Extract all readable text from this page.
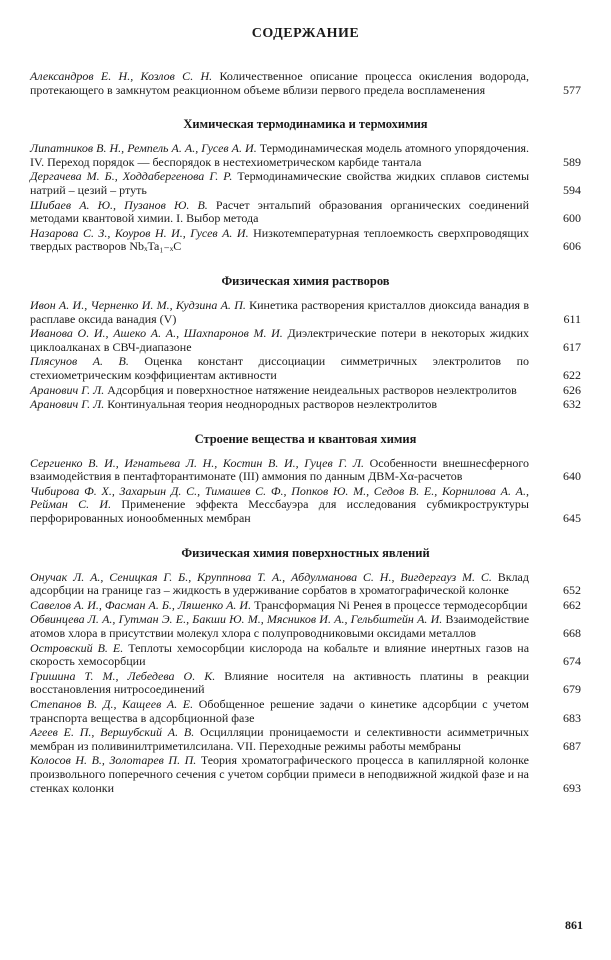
СОДЕРЖАНИЕ
Александров Е. Н., Козлов С. Н. Количественное описание процесса окисления водорода, протекающего в замкнутом реакционном объеме вблизи первого предела воспламенения	577
Химическая термодинамика и термохимия
Липатников В. Н., Ремпель А. А., Гусев А. И. Термодинамическая модель атомного упорядочения. IV. Переход порядок — беспорядок в нестехиометрическом карбиде тантала	589
Дергачева М. Б., Ходдабергенова Г. Р. Термодинамические свойства жидких сплавов системы натрий – цезий – ртуть	594
Шибаев А. Ю., Пузанов Ю. В. Расчет энтальпий образования органических соединений методами квантовой химии. I. Выбор метода	600
Назарова С. З., Коуров Н. И., Гусев А. И. Низкотемпературная теплоемкость сверхпроводящих твердых растворов NbₓTa₁₋ₓC	606
Физическая химия растворов
Ивон А. И., Черненко И. М., Кудзина А. П. Кинетика растворения кристаллов диоксида ванадия в расплаве оксида ванадия (V)	611
Иванова О. И., Ашеко А. А., Шахпаронов М. И. Диэлектрические потери в некоторых жидких циклоалканах в СВЧ-диапазоне	617
Плясунов А. В. Оценка констант диссоциации симметричных электролитов по стехиометрическим коэффициентам активности	622
Аранович Г. Л. Адсорбция и поверхностное натяжение неидеальных растворов неэлектролитов	626
Аранович Г. Л. Континуальная теория неоднородных растворов неэлектролитов	632
Строение вещества и квантовая химия
Сергиенко В. И., Игнатьева Л. Н., Костин В. И., Гуцев Г. Л. Особенности внешнесферного взаимодействия в пентафторантимонате (III) аммония по данным ДВМ-Xα-расчетов	640
Чибирова Ф. Х., Захарьин Д. С., Тимашев С. Ф., Попков Ю. М., Седов В. Е., Корнилова А. А., Рейман С. И. Применение эффекта Мессбауэра для исследования субмикроструктуры перфорированных ионообменных мембран	645
Физическая химия поверхностных явлений
Онучак Л. А., Сеницкая Г. Б., Круппнова Т. А., Абдулманова С. Н., Вигдергауз М. С. Вклад адсорбции на границе газ – жидкость в удерживание сорбатов в хроматографической колонке	652
Савелов А. И., Фасман А. Б., Ляшенко А. И. Трансформация Ni Ренея в процессе термодесорбции	662
Обвинцева Л. А., Гутман Э. Е., Бакши Ю. М., Мясников И. А., Гельбштейн А. И. Взаимодействие атомов хлора в присутствии молекул хлора с полупроводниковыми оксидами металлов	668
Островский В. Е. Теплоты хемосорбции кислорода на кобальте и влияние инертных газов на скорость хемосорбции	674
Гришина Т. М., Лебедева О. К. Влияние носителя на активность платины в реакции восстановления нитросоединений	679
Степанов В. Д., Кащеев А. Е. Обобщенное решение задачи о кинетике адсорбции с учетом транспорта вещества в адсорбционной фазе	683
Агеев Е. П., Вершубский А. В. Осцилляции проницаемости и селективности асимметричных мембран из поливинилтриметилсилана. VII. Переходные режимы работы мембраны	687
Колосов Н. В., Золотарев П. П. Теория хроматографического процесса в капиллярной колонке произвольного поперечного сечения с учетом сорбции примеси в неподвижной жидкой фазе и на стенках колонки	693
861
